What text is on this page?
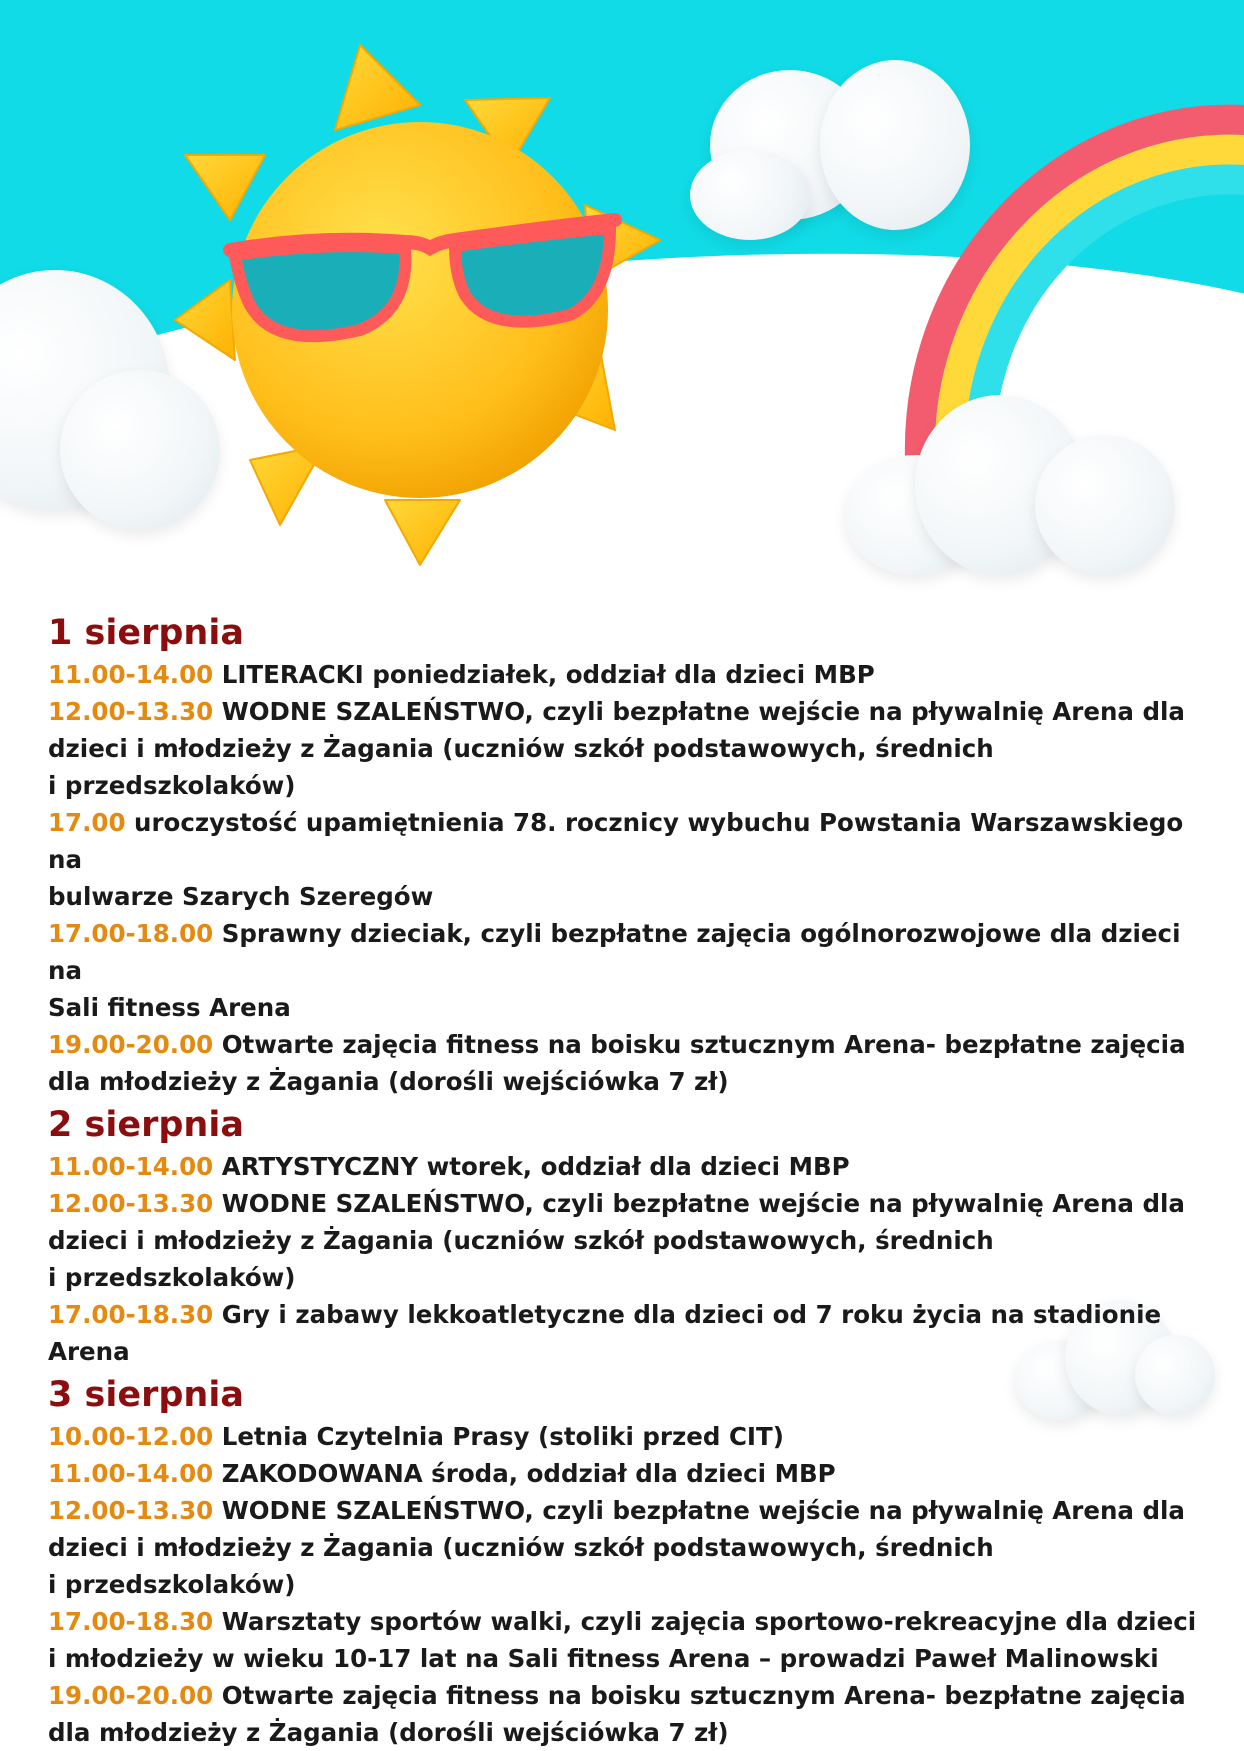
1 sierpnia

11.00-14.00 LITERACKI poniedziałek, oddział dla dzieci MBP

12.00-13.30 WODNE SZALEŃSTWO, czyli bezpłatne wejście na pływalnię Arena dla
dzieci i młodzieży z Żagania (uczniów szkół podstawowych, średnich
i przedszkolaków)

17.00 uroczystość upamiętnienia 78. rocznicy wybuchu Powstania Warszawskiego na
bulwarze Szarych Szeregów

17.00-18.00 Sprawny dzieciak, czyli bezpłatne zajęcia ogólnorozwojowe dla dzieci na
Sali fitness Arena

19.00-20.00 Otwarte zajęcia fitness na boisku sztucznym Arena- bezpłatne zajęcia
dla młodzieży z Żagania (dorośli wejściówka 7 zł)

2 sierpnia

11.00-14.00 ARTYSTYCZNY wtorek, oddział dla dzieci MBP

12.00-13.30 WODNE SZALEŃSTWO, czyli bezpłatne wejście na pływalnię Arena dla
dzieci i młodzieży z Żagania (uczniów szkół podstawowych, średnich
i przedszkolaków)

17.00-18.30 Gry i zabawy lekkoatletyczne dla dzieci od 7 roku życia na stadionie
Arena

3 sierpnia

10.00-12.00 Letnia Czytelnia Prasy (stoliki przed CIT)

11.00-14.00 ZAKODOWANA środa, oddział dla dzieci MBP

12.00-13.30 WODNE SZALEŃSTWO, czyli bezpłatne wejście na pływalnię Arena dla
dzieci i młodzieży z Żagania (uczniów szkół podstawowych, średnich
i przedszkolaków)

17.00-18.30 Warsztaty sportów walki, czyli zajęcia sportowo-rekreacyjne dla dzieci
i młodzieży w wieku 10-17 lat na Sali fitness Arena – prowadzi Paweł Malinowski

19.00-20.00 Otwarte zajęcia fitness na boisku sztucznym Arena- bezpłatne zajęcia
dla młodzieży z Żagania (dorośli wejściówka 7 zł)
